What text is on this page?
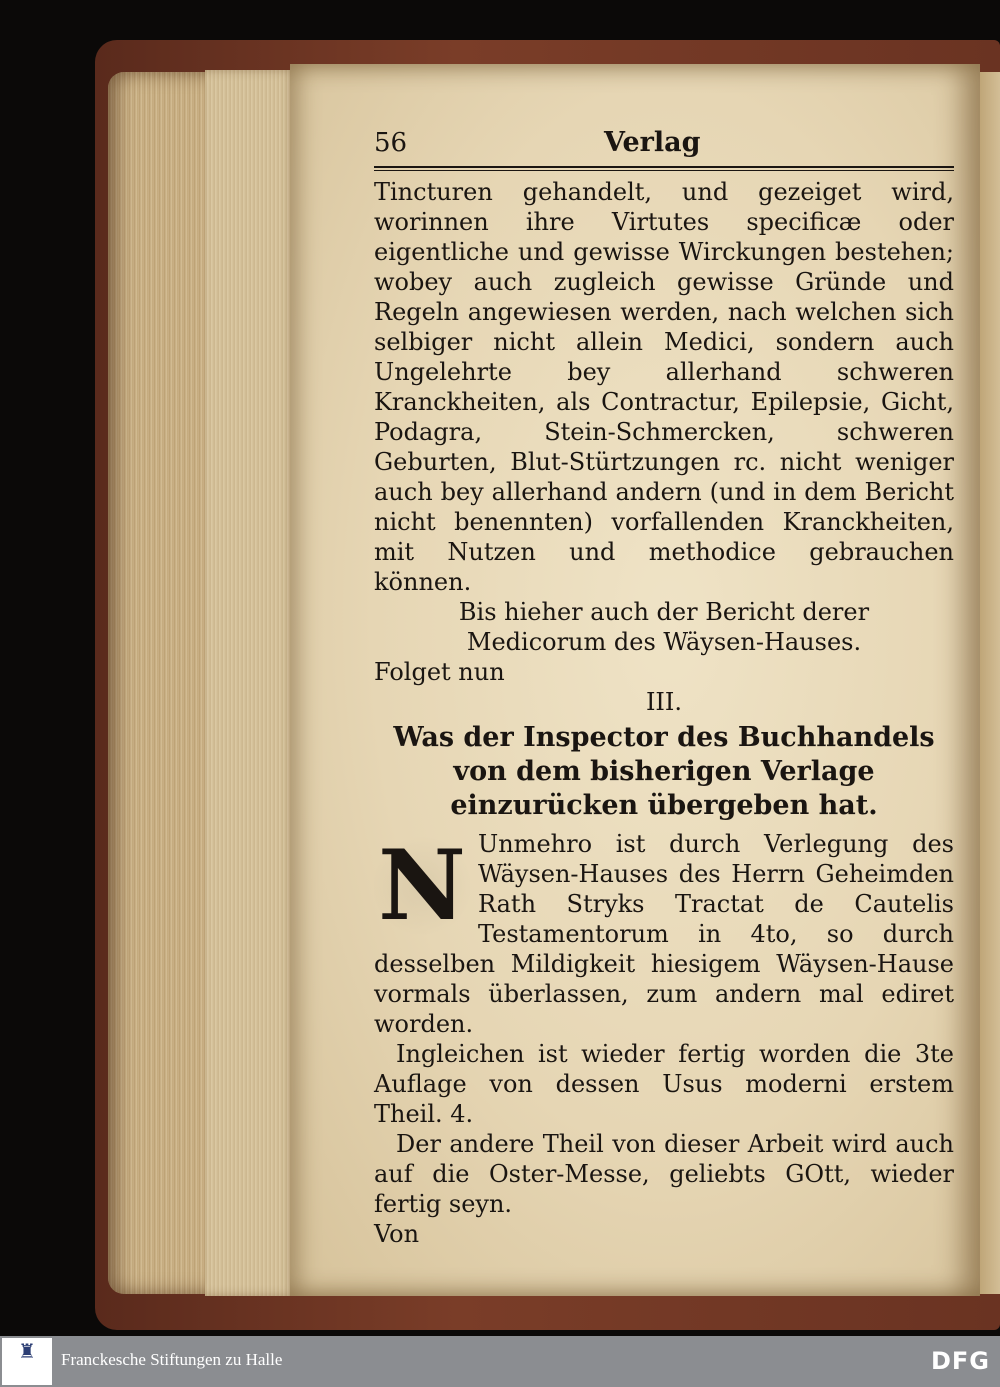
56	Verlag

Tincturen gehandelt, und gezeiget wird, worinnen ihre Virtutes specificæ oder eigentliche und gewisse Wirckungen bestehen; wobey auch zugleich gewisse Gründe und Regeln angewiesen werden, nach welchen sich selbiger nicht allein Medici, sondern auch Ungelehrte bey allerhand schweren Kranckheiten, als Contractur, Epilepsie, Gicht, Podagra, Stein-Schmercken, schweren Geburten, Blut-Stürtzungen rc. nicht weniger auch bey allerhand andern (und in dem Bericht nicht benennten) vorfallenden Kranckheiten, mit Nutzen und methodice gebrauchen können.

Bis hieher auch der Bericht derer Medicorum des Wäysen-Hauses.

Folget nun

III.

Was der Inspector des Buchhandels von dem bisherigen Verlage einzurücken übergeben hat.
N Unmehro ist durch Verlegung des Wäysen-Hauses des Herrn Geheimden Rath Stryks Tractat de Cautelis Testamentorum in 4to, so durch desselben Mildigkeit hiesigem Wäysen-Hause vormals überlassen, zum andern mal ediret worden.

Ingleichen ist wieder fertig worden die 3te Auflage von dessen Usus moderni erstem Theil. 4.

Der andere Theil von dieser Arbeit wird auch auf die Oster-Messe, geliebts GOtt, wieder fertig seyn.

Von

♜	Franckesche Stiftungen zu Halle	DFG
